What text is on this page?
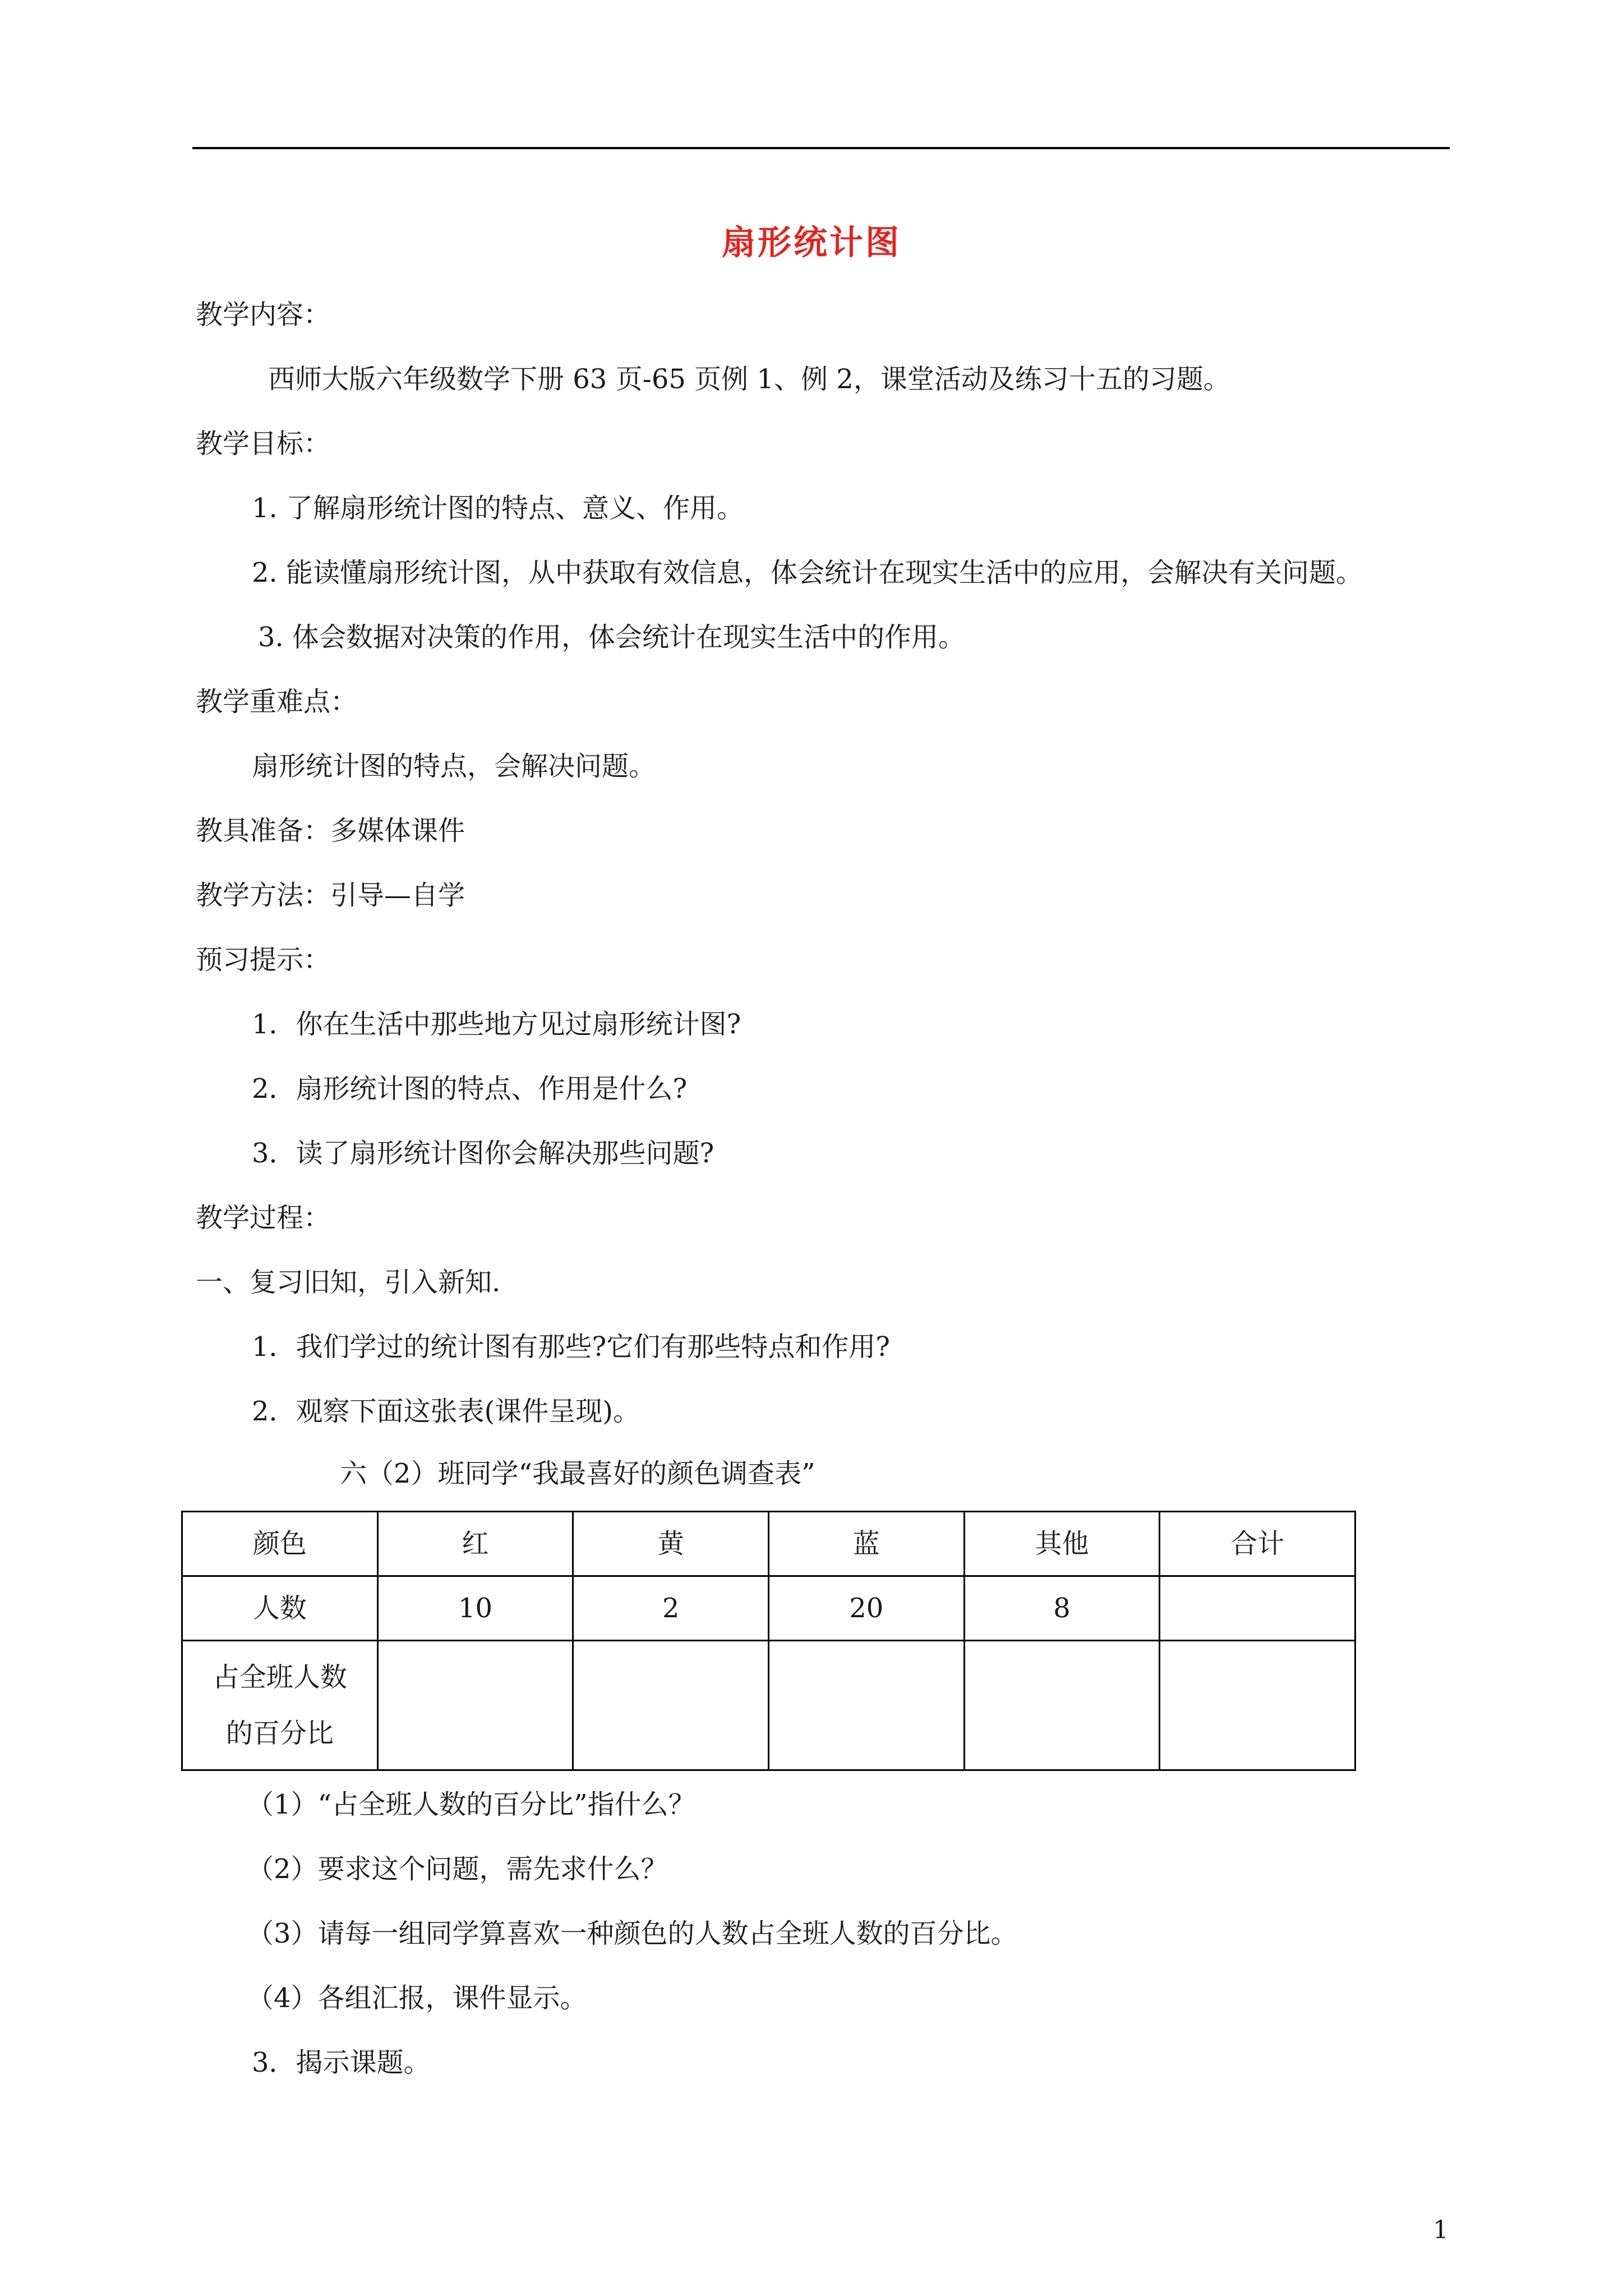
扇形统计图
教学内容：
西师大版六年级数学下册 63 页-65 页例 1、例 2，课堂活动及练习十五的习题。
教学目标：
1. 了解扇形统计图的特点、意义、作用。
2. 能读懂扇形统计图，从中获取有效信息，体会统计在现实生活中的应用，会解决有关问题。
3. 体会数据对决策的作用，体会统计在现实生活中的作用。
教学重难点：
扇形统计图的特点，会解决问题。
教具准备：多媒体课件
教学方法：引导—自学
预习提示：
1．你在生活中那些地方见过扇形统计图?
2．扇形统计图的特点、作用是什么?
3．读了扇形统计图你会解决那些问题?
教学过程：
一、复习旧知，引入新知.
1．我们学过的统计图有那些?它们有那些特点和作用?
2．观察下面这张表(课件呈现)。
六（2）班同学“我最喜好的颜色调查表”
颜色	红	黄	蓝	其他	合计
人数	10	2	20	8	

占全班人数
的百分比					

（1）“占全班人数的百分比”指什么？
（2）要求这个问题，需先求什么？
（3）请每一组同学算喜欢一种颜色的人数占全班人数的百分比。
（4）各组汇报，课件显示。
3．揭示课题。
1
